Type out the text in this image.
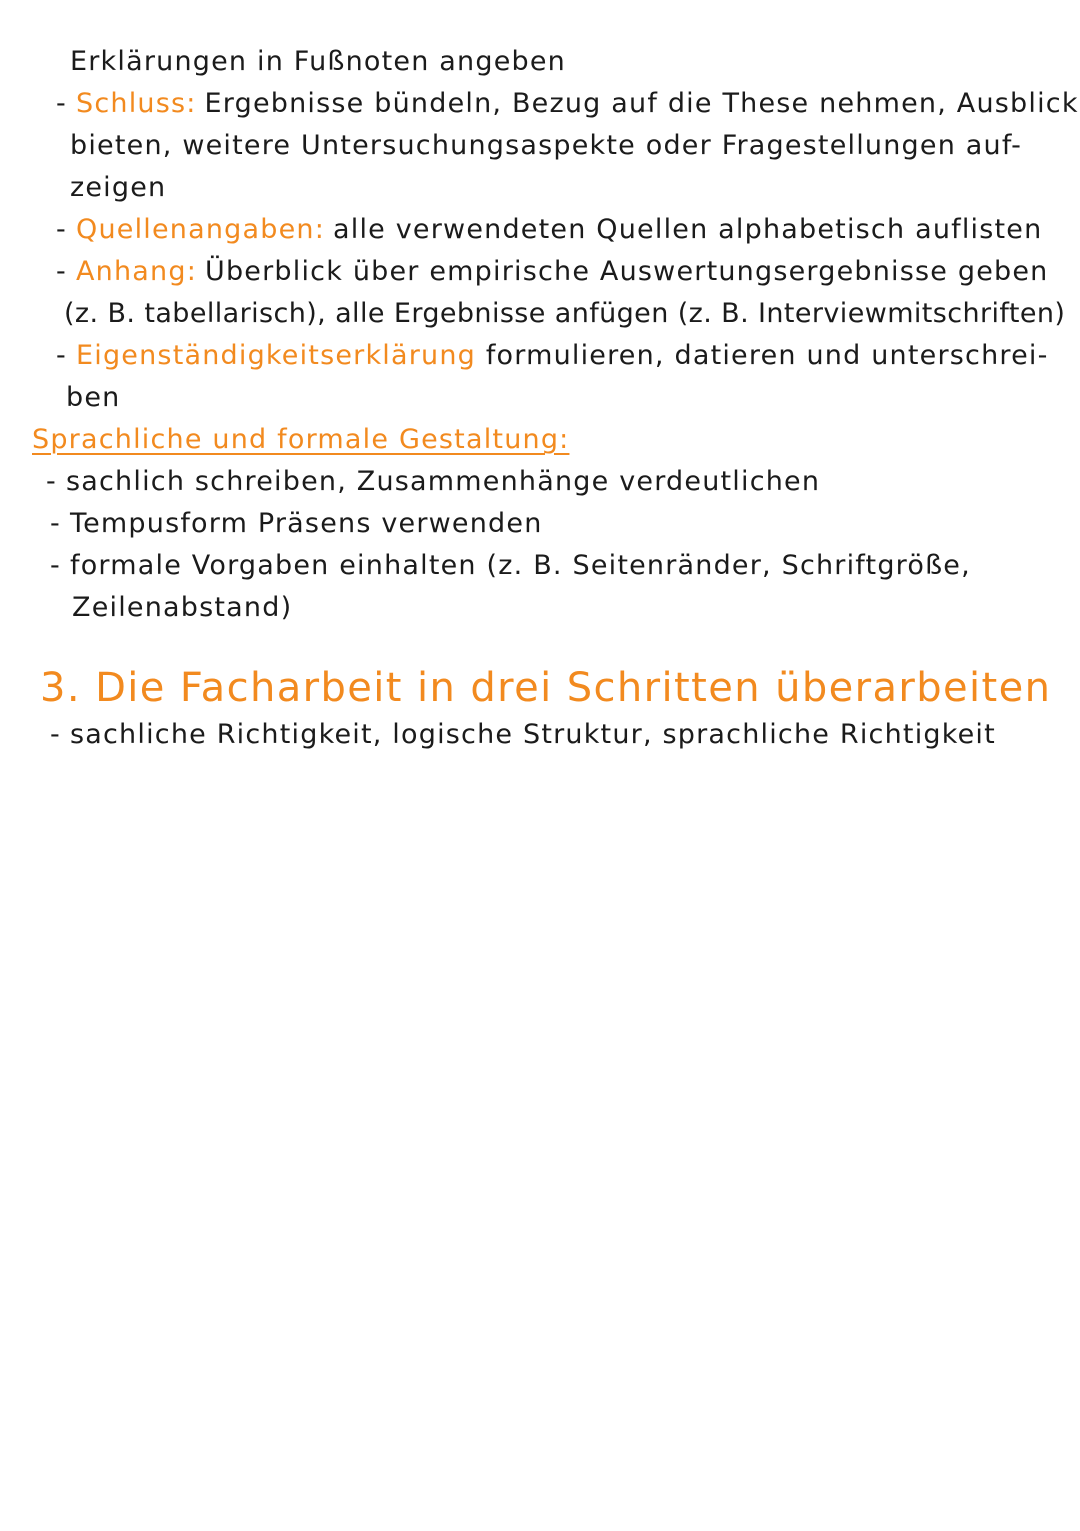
Erklärungen in Fußnoten angeben
- Schluss: Ergebnisse bündeln, Bezug auf die These nehmen, Ausblick
bieten, weitere Untersuchungsaspekte oder Fragestellungen auf-
zeigen
- Quellenangaben: alle verwendeten Quellen alphabetisch auflisten
- Anhang: Überblick über empirische Auswertungsergebnisse geben
(z. B. tabellarisch), alle Ergebnisse anfügen (z. B. Interviewmitschriften)
- Eigenständigkeitserklärung formulieren, datieren und unterschrei-
ben
Sprachliche und formale Gestaltung:
- sachlich schreiben, Zusammenhänge verdeutlichen
- Tempusform Präsens verwenden
- formale Vorgaben einhalten (z. B. Seitenränder, Schriftgröße,
Zeilenabstand)
3. Die Facharbeit in drei Schritten überarbeiten
- sachliche Richtigkeit, logische Struktur, sprachliche Richtigkeit
